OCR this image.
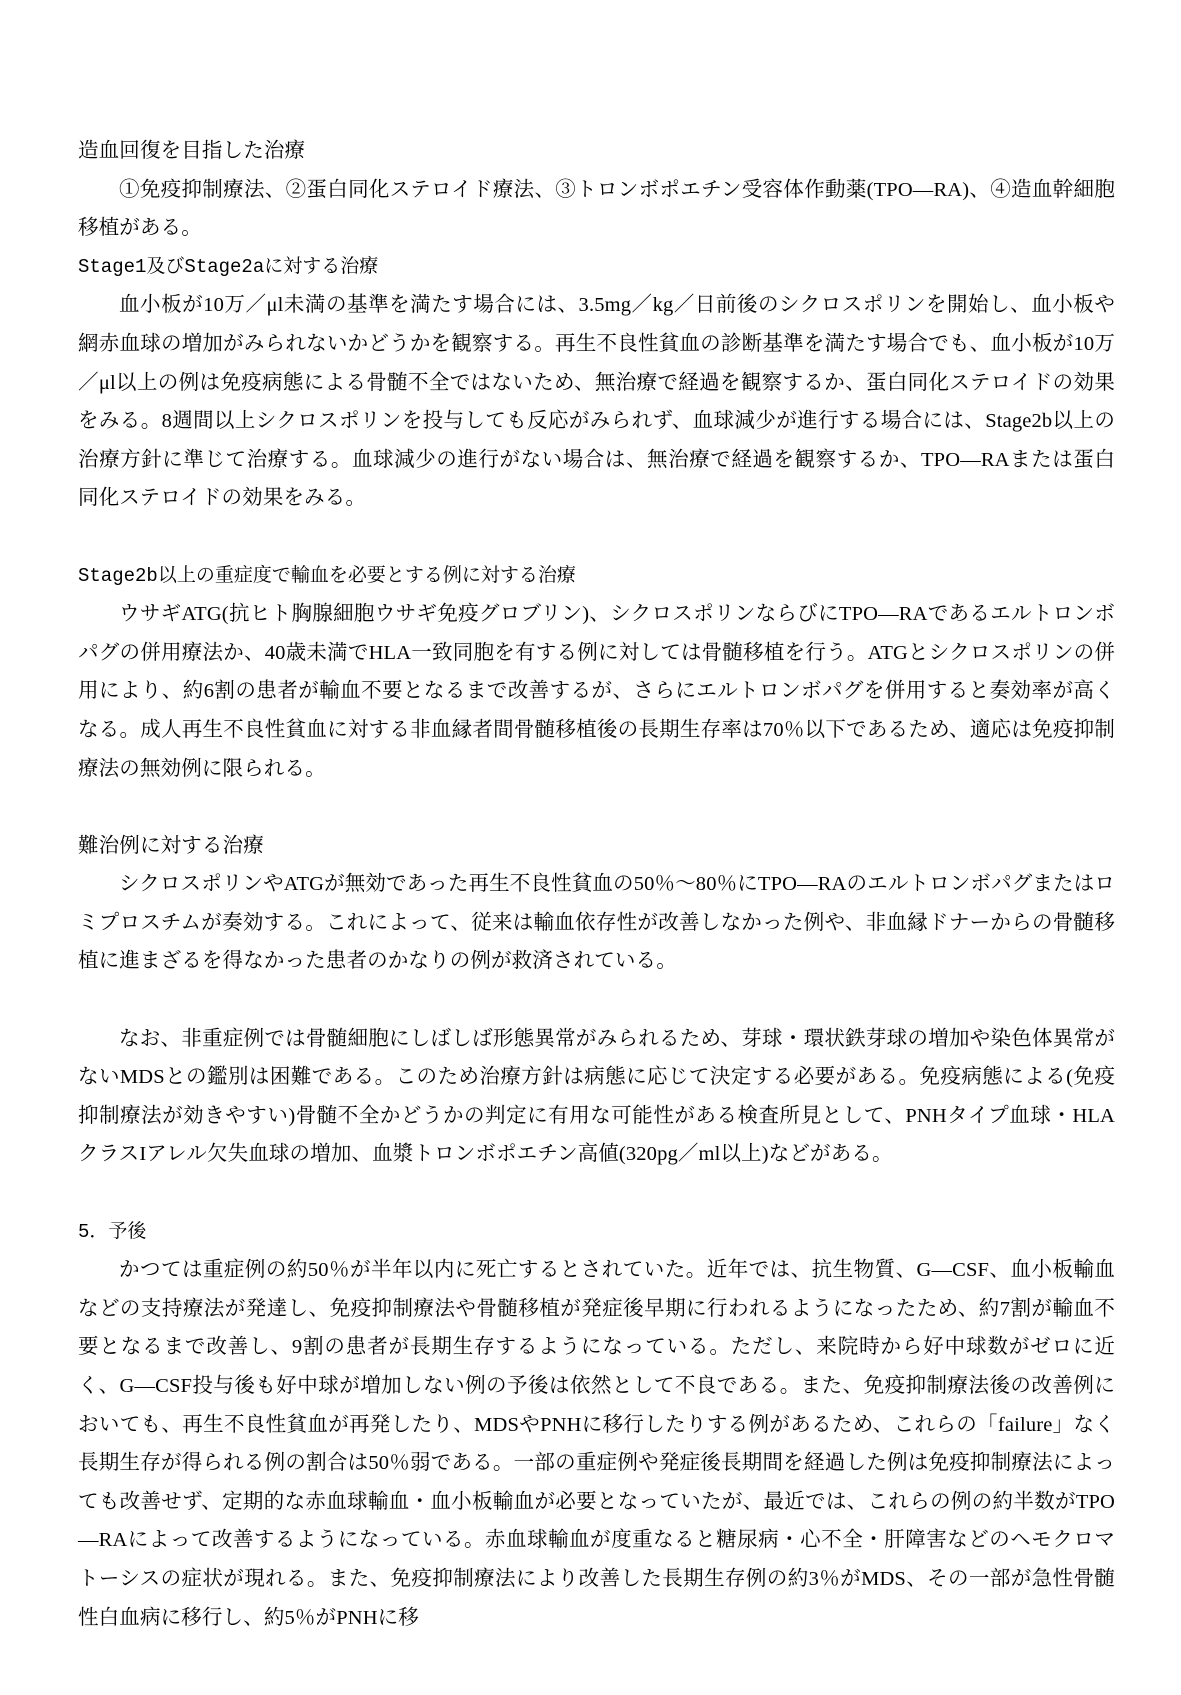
造血回復を目指した治療

①免疫抑制療法、②蛋白同化ステロイド療法、③トロンボポエチン受容体作動薬(TPO—RA)、④造血幹細胞移植がある。

Stage1及びStage2aに対する治療

血小板が10万／μl未満の基準を満たす場合には、3.5mg／kg／日前後のシクロスポリンを開始し、血小板や網赤血球の増加がみられないかどうかを観察する。再生不良性貧血の診断基準を満たす場合でも、血小板が10万／μl以上の例は免疫病態による骨髄不全ではないため、無治療で経過を観察するか、蛋白同化ステロイドの効果をみる。8週間以上シクロスポリンを投与しても反応がみられず、血球減少が進行する場合には、Stage2b以上の治療方針に準じて治療する。血球減少の進行がない場合は、無治療で経過を観察するか、TPO—RAまたは蛋白同化ステロイドの効果をみる。

Stage2b以上の重症度で輸血を必要とする例に対する治療

ウサギATG(抗ヒト胸腺細胞ウサギ免疫グロブリン)、シクロスポリンならびにTPO—RAであるエルトロンボパグの併用療法か、40歳未満でHLA一致同胞を有する例に対しては骨髄移植を行う。ATGとシクロスポリンの併用により、約6割の患者が輸血不要となるまで改善するが、さらにエルトロンボパグを併用すると奏効率が高くなる。成人再生不良性貧血に対する非血縁者間骨髄移植後の長期生存率は70％以下であるため、適応は免疫抑制療法の無効例に限られる。

難治例に対する治療

シクロスポリンやATGが無効であった再生不良性貧血の50％～80％にTPO—RAのエルトロンボパグまたはロミプロスチムが奏効する。これによって、従来は輸血依存性が改善しなかった例や、非血縁ドナーからの骨髄移植に進まざるを得なかった患者のかなりの例が救済されている。

なお、非重症例では骨髄細胞にしばしば形態異常がみられるため、芽球・環状鉄芽球の増加や染色体異常がないMDSとの鑑別は困難である。このため治療方針は病態に応じて決定する必要がある。免疫病態による(免疫抑制療法が効きやすい)骨髄不全かどうかの判定に有用な可能性がある検査所見として、PNHタイプ血球・HLAクラスIアレル欠失血球の増加、血漿トロンボポエチン高値(320pg／ml以上)などがある。

5．予後

かつては重症例の約50％が半年以内に死亡するとされていた。近年では、抗生物質、G—CSF、血小板輸血などの支持療法が発達し、免疫抑制療法や骨髄移植が発症後早期に行われるようになったため、約7割が輸血不要となるまで改善し、9割の患者が長期生存するようになっている。ただし、来院時から好中球数がゼロに近く、G—CSF投与後も好中球が増加しない例の予後は依然として不良である。また、免疫抑制療法後の改善例においても、再生不良性貧血が再発したり、MDSやPNHに移行したりする例があるため、これらの「failure」なく長期生存が得られる例の割合は50％弱である。一部の重症例や発症後長期間を経過した例は免疫抑制療法によっても改善せず、定期的な赤血球輸血・血小板輸血が必要となっていたが、最近では、これらの例の約半数がTPO—RAによって改善するようになっている。赤血球輸血が度重なると糖尿病・心不全・肝障害などのヘモクロマトーシスの症状が現れる。また、免疫抑制療法により改善した長期生存例の約3％がMDS、その一部が急性骨髄性白血病に移行し、約5％がPNHに移
